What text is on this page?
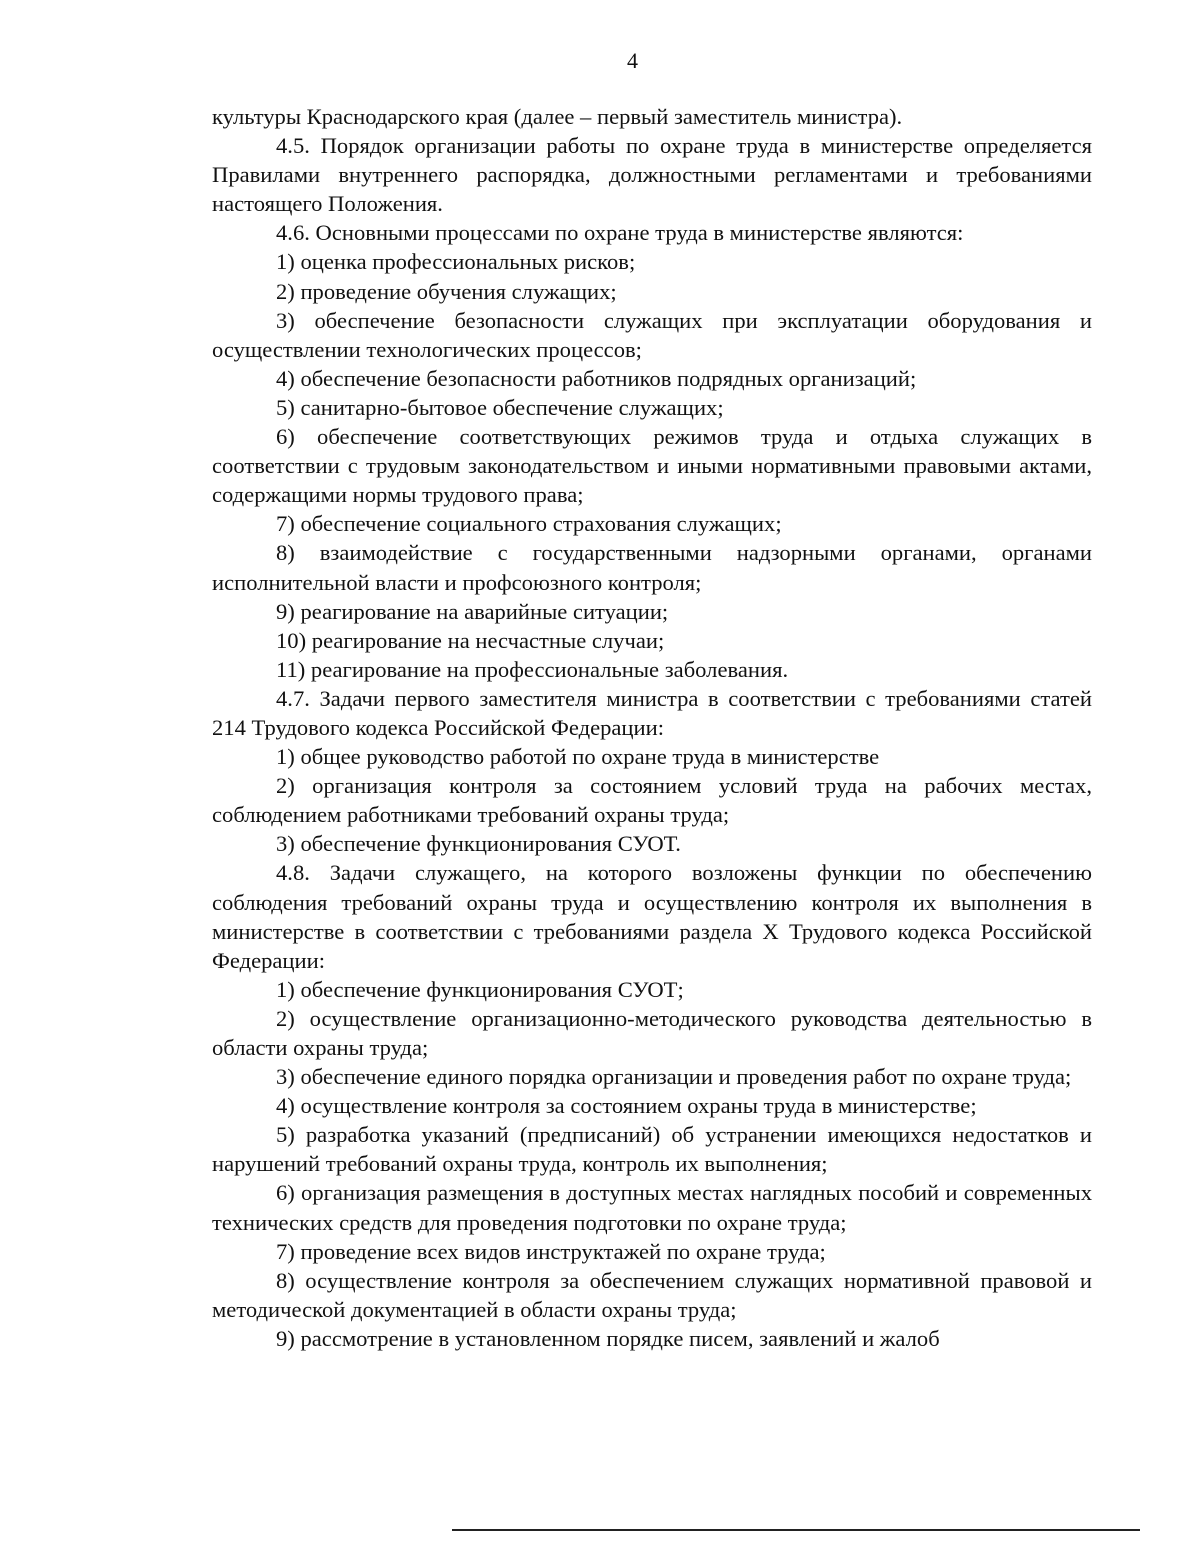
4

культуры Краснодарского края (далее – первый заместитель министра).

4.5. Порядок организации работы по охране труда в министерстве определяется Правилами внутреннего распорядка, должностными регламентами и требованиями настоящего Положения.

4.6. Основными процессами по охране труда в министерстве являются:

1) оценка профессиональных рисков;

2) проведение обучения служащих;

3) обеспечение безопасности служащих при эксплуатации оборудования и осуществлении технологических процессов;

4) обеспечение безопасности работников подрядных организаций;

5) санитарно-бытовое обеспечение служащих;

6) обеспечение соответствующих режимов труда и отдыха служащих в соответствии с трудовым законодательством и иными нормативными правовыми актами, содержащими нормы трудового права;

7) обеспечение социального страхования служащих;

8) взаимодействие с государственными надзорными органами, органами исполнительной власти и профсоюзного контроля;

9) реагирование на аварийные ситуации;

10) реагирование на несчастные случаи;

11) реагирование на профессиональные заболевания.

4.7. Задачи первого заместителя министра в соответствии с требованиями статей 214 Трудового кодекса Российской Федерации:

1) общее руководство работой по охране труда в министерстве

2) организация контроля за состоянием условий труда на рабочих местах, соблюдением работниками требований охраны труда;

3) обеспечение функционирования СУОТ.

4.8. Задачи служащего, на которого возложены функции по обеспечению соблюдения требований охраны труда и осуществлению контроля их выполнения в министерстве в соответствии с требованиями раздела X Трудового кодекса Российской Федерации:

1) обеспечение функционирования СУОТ;

2) осуществление организационно-методического руководства деятельностью в области охраны труда;

3) обеспечение единого порядка организации и проведения работ по охране труда;

4) осуществление контроля за состоянием охраны труда в министерстве;

5) разработка указаний (предписаний) об устранении имеющихся недостатков и нарушений требований охраны труда, контроль их выполнения;

6) организация размещения в доступных местах наглядных пособий и современных технических средств для проведения подготовки по охране труда;

7) проведение всех видов инструктажей по охране труда;

8) осуществление контроля за обеспечением служащих нормативной правовой и методической документацией в области охраны труда;

9) рассмотрение в установленном порядке писем, заявлений и жалоб
